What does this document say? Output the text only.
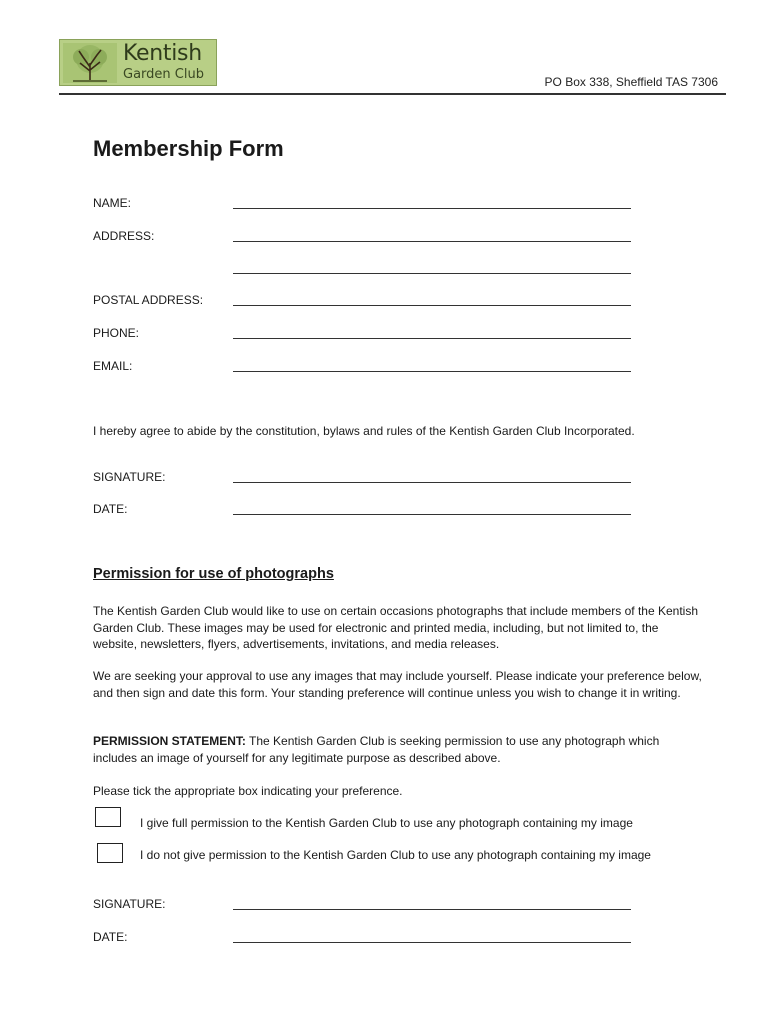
Kentish
Garden Club	PO Box 338, Sheffield TAS 7306
Membership Form
NAME:
ADDRESS:
POSTAL ADDRESS:
PHONE:
EMAIL:
I hereby agree to abide by the constitution, bylaws and rules of the Kentish Garden Club Incorporated.
SIGNATURE:
DATE:
Permission for use of photographs
The Kentish Garden Club would like to use on certain occasions photographs that include members of the Kentish Garden Club. These images may be used for electronic and printed media, including, but not limited to, the website, newsletters, flyers, advertisements, invitations, and media releases.
We are seeking your approval to use any images that may include yourself. Please indicate your preference below, and then sign and date this form. Your standing preference will continue unless you wish to change it in writing.
PERMISSION STATEMENT: The Kentish Garden Club is seeking permission to use any photograph which includes an image of yourself for any legitimate purpose as described above.
Please tick the appropriate box indicating your preference.
I give full permission to the Kentish Garden Club to use any photograph containing my image
I do not give permission to the Kentish Garden Club to use any photograph containing my image
SIGNATURE:
DATE:
